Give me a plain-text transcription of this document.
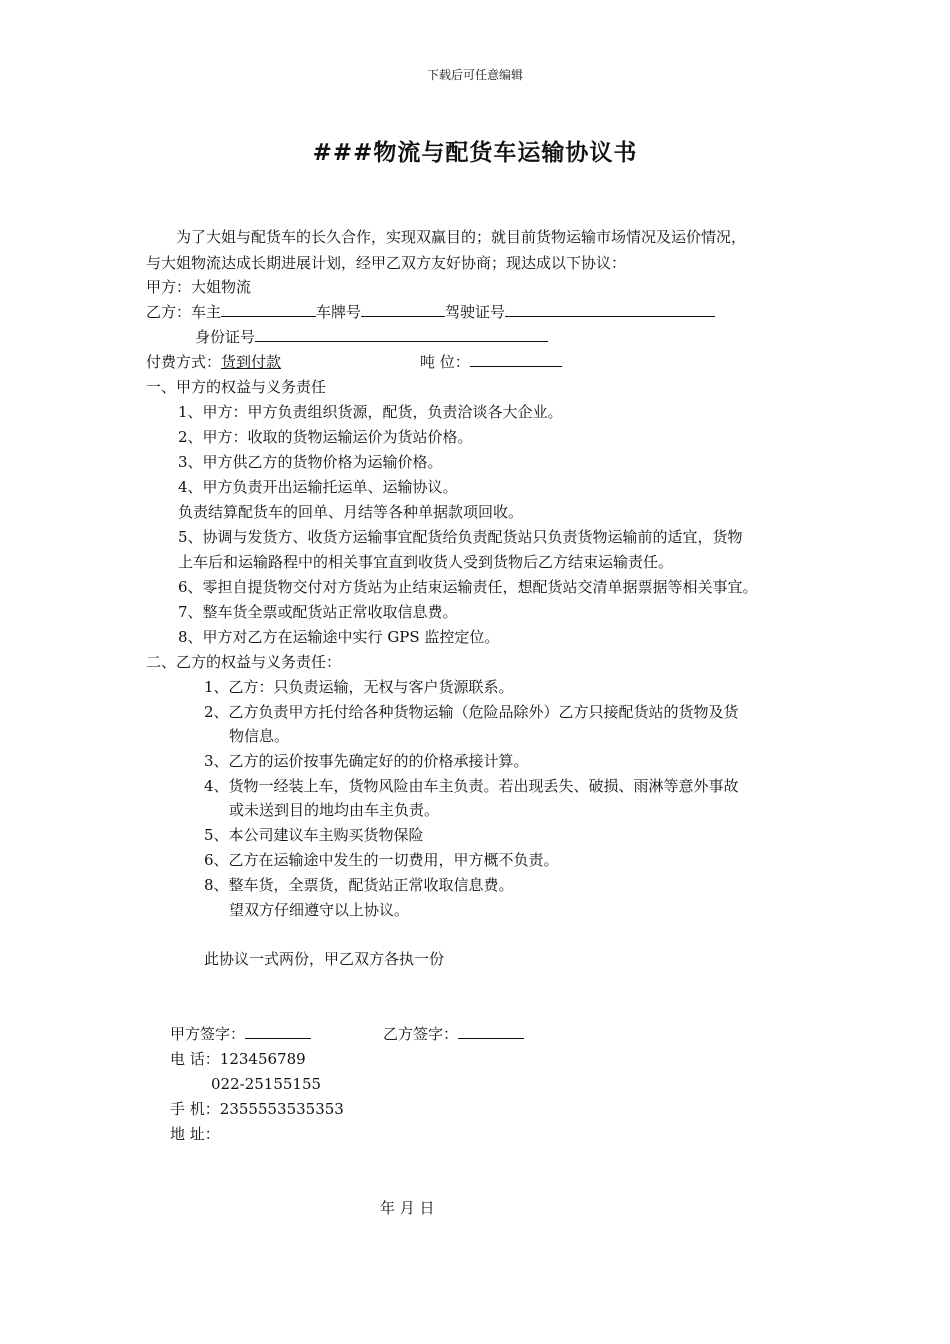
下载后可任意编辑
###物流与配货车运输协议书
为了大姐与配货车的长久合作，实现双赢目的；就目前货物运输市场情况及运价情况，
与大姐物流达成长期进展计划，经甲乙双方友好协商；现达成以下协议：
甲方：大姐物流
乙方：车主	车牌号	驾驶证号
身份证号
付费方式：货到付款	吨 位：
一、甲方的权益与义务责任
1、甲方：甲方负责组织货源，配货，负责洽谈各大企业。
2、甲方：收取的货物运输运价为货站价格。
3、甲方供乙方的货物价格为运输价格。
4、甲方负责开出运输托运单、运输协议。
负责结算配货车的回单、月结等各种单据款项回收。
5、协调与发货方、收货方运输事宜配货给负责配货站只负责货物运输前的适宜，货物
上车后和运输路程中的相关事宜直到收货人受到货物后乙方结束运输责任。
6、零担自提货物交付对方货站为止结束运输责任，想配货站交清单据票据等相关事宜。
7、整车货全票或配货站正常收取信息费。
8、甲方对乙方在运输途中实行 GPS 监控定位。
二、乙方的权益与义务责任：
1、乙方：只负责运输，无权与客户货源联系。
2、乙方负责甲方托付给各种货物运输（危险品除外）乙方只接配货站的货物及货
物信息。
3、乙方的运价按事先确定好的的价格承接计算。
4、货物一经装上车，货物风险由车主负责。若出现丢失、破损、雨淋等意外事故
或未送到目的地均由车主负责。
5、本公司建议车主购买货物保险
6、乙方在运输途中发生的一切费用，甲方概不负责。
8、整车货，全票货，配货站正常收取信息费。
望双方仔细遵守以上协议。
此协议一式两份，甲乙双方各执一份
甲方签字：	乙方签字：
电 话：123456789
022-25155155
手 机：2355553535353
地 址：
年 月 日
